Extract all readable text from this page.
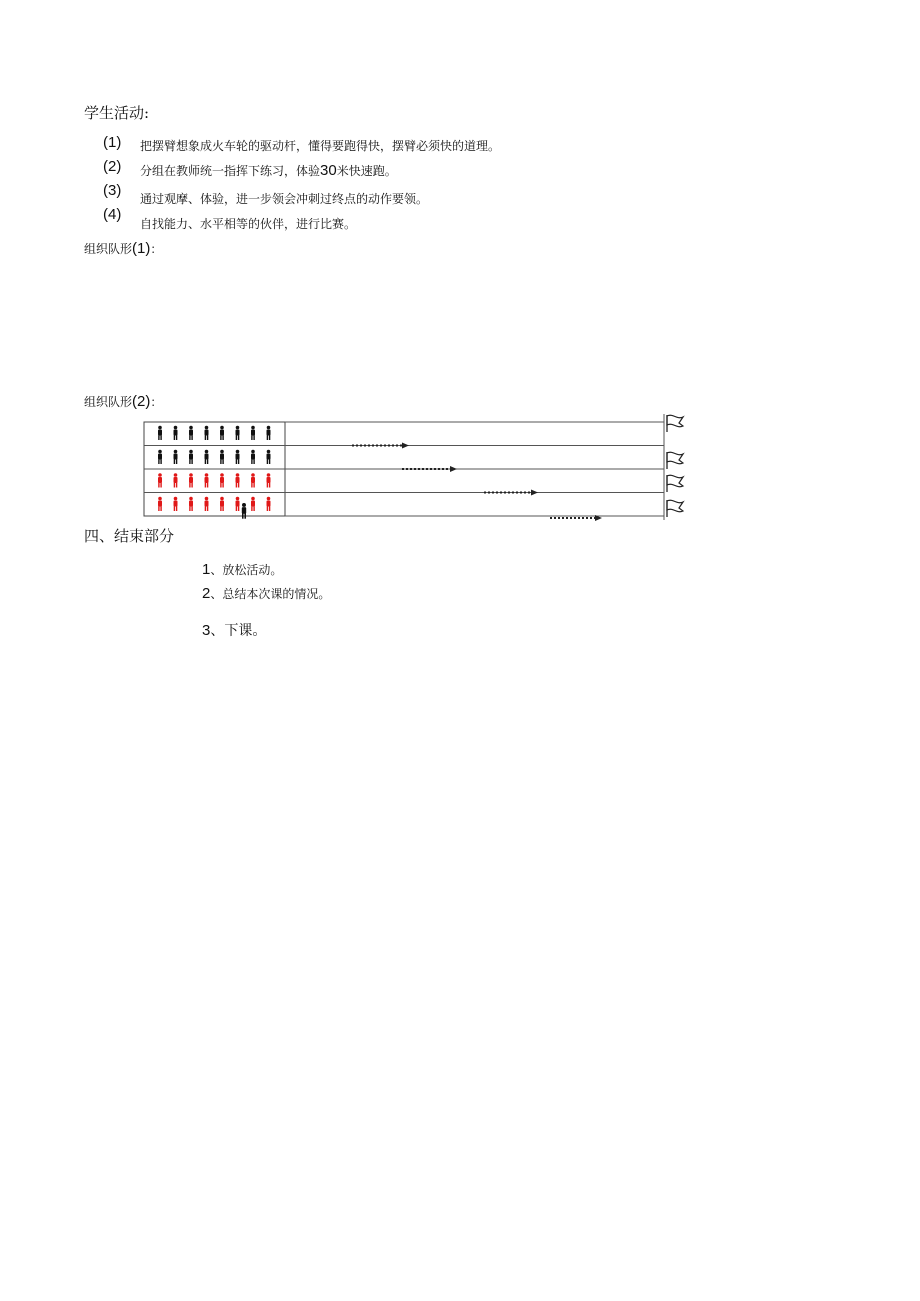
学生活动:
(1) 把摆臂想象成火车轮的驱动杆，懂得要跑得快，摆臂必须快的道理。
(2) 分组在教师统一指挥下练习，体验30米快速跑。
(3) 通过观摩、体验，进一步领会冲刺过终点的动作要领。
(4)
自找能力、水平相等的伙伴，进行比赛。
组织队形(1)：
组织队形(2)：
四、结束部分
1、放松活动。
2、总结本次课的情况。
3、下课。
